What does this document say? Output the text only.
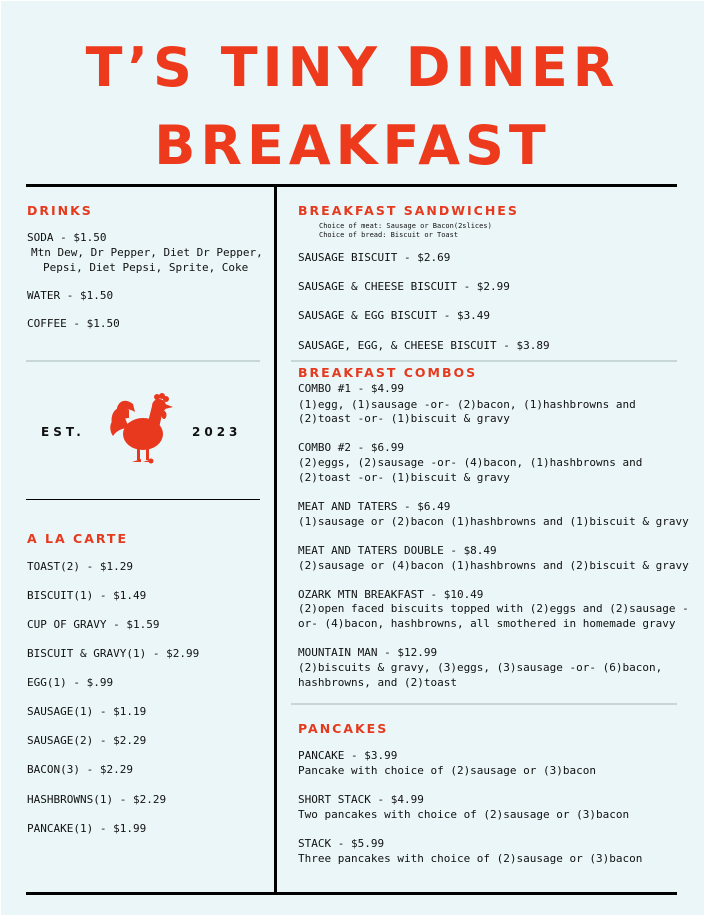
T’S TINY DINER
BREAKFAST
DRINKS
SODA - $1.50
Mtn Dew, Dr Pepper, Diet Dr Pepper,
Pepsi, Diet Pepsi, Sprite, Coke
WATER - $1.50
COFFEE - $1.50
EST.	2023
A LA CARTE
TOAST(2) - $1.29
BISCUIT(1) - $1.49
CUP OF GRAVY - $1.59
BISCUIT & GRAVY(1) - $2.99
EGG(1) - $.99
SAUSAGE(1) - $1.19
SAUSAGE(2) - $2.29
BACON(3) - $2.29
HASHBROWNS(1) - $2.29
PANCAKE(1) - $1.99
BREAKFAST SANDWICHES
Choice of meat: Sausage or Bacon(2slices)
Choice of bread: Biscuit or Toast
SAUSAGE BISCUIT - $2.69
SAUSAGE & CHEESE BISCUIT - $2.99
SAUSAGE & EGG BISCUIT - $3.49
SAUSAGE, EGG, & CHEESE BISCUIT - $3.89
BREAKFAST COMBOS
COMBO #1 - $4.99
(1)egg, (1)sausage -or- (2)bacon, (1)hashbrowns and
(2)toast -or- (1)biscuit & gravy
COMBO #2 - $6.99
(2)eggs, (2)sausage -or- (4)bacon, (1)hashbrowns and
(2)toast -or- (1)biscuit & gravy
MEAT AND TATERS - $6.49
(1)sausage or (2)bacon (1)hashbrowns and (1)biscuit & gravy
MEAT AND TATERS DOUBLE - $8.49
(2)sausage or (4)bacon (1)hashbrowns and (2)biscuit & gravy
OZARK MTN BREAKFAST - $10.49
(2)open faced biscuits topped with (2)eggs and (2)sausage -
or- (4)bacon, hashbrowns, all smothered in homemade gravy
MOUNTAIN MAN - $12.99
(2)biscuits & gravy, (3)eggs, (3)sausage -or- (6)bacon,
hashbrowns, and (2)toast
PANCAKES
PANCAKE - $3.99
Pancake with choice of (2)sausage or (3)bacon
SHORT STACK - $4.99
Two pancakes with choice of (2)sausage or (3)bacon
STACK - $5.99
Three pancakes with choice of (2)sausage or (3)bacon
